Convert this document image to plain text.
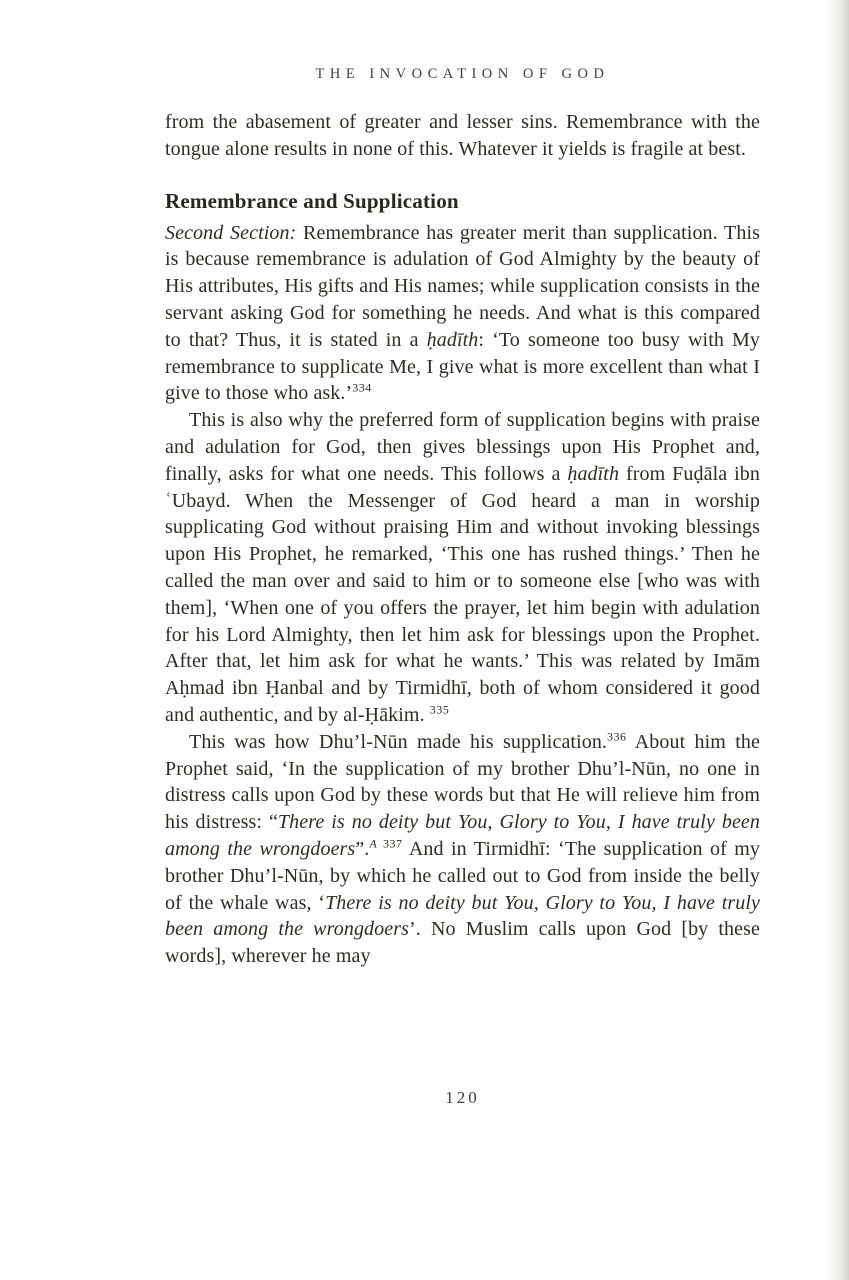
THE INVOCATION OF GOD

from the abasement of greater and lesser sins. Remembrance with the tongue alone results in none of this. Whatever it yields is fragile at best.

Remembrance and Supplication

Second Section: Remembrance has greater merit than supplication. This is because remembrance is adulation of God Almighty by the beauty of His attributes, His gifts and His names; while supplication consists in the servant asking God for something he needs. And what is this compared to that? Thus, it is stated in a ḥadīth: ‘To someone too busy with My remembrance to supplicate Me, I give what is more excellent than what I give to those who ask.’$^{334}$

This is also why the preferred form of supplication begins with praise and adulation for God, then gives blessings upon His Prophet and, finally, asks for what one needs. This follows a ḥadīth from Fuḍāla ibn ʿUbayd. When the Messenger of God heard a man in worship supplicating God without praising Him and without invoking blessings upon His Prophet, he remarked, ‘This one has rushed things.’ Then he called the man over and said to him or to someone else [who was with them], ‘When one of you offers the prayer, let him begin with adulation for his Lord Almighty, then let him ask for blessings upon the Prophet. After that, let him ask for what he wants.’ This was related by Imām Aḥmad ibn Ḥanbal and by Tirmidhī, both of whom considered it good and authentic, and by al-Ḥākim. $^{335}$

This was how Dhu’l-Nūn made his supplication.$^{336}$ About him the Prophet said, ‘In the supplication of my brother Dhu’l-Nūn, no one in distress calls upon God by these words but that He will relieve him from his distress: “There is no deity but You, Glory to You, I have truly been among the wrongdoers”.$^A$ $^{337}$ And in Tirmidhī: ‘The supplication of my brother Dhu’l-Nūn, by which he called out to God from inside the belly of the whale was, ‘There is no deity but You, Glory to You, I have truly been among the wrongdoers’. No Muslim calls upon God [by these words], wherever he may

120
